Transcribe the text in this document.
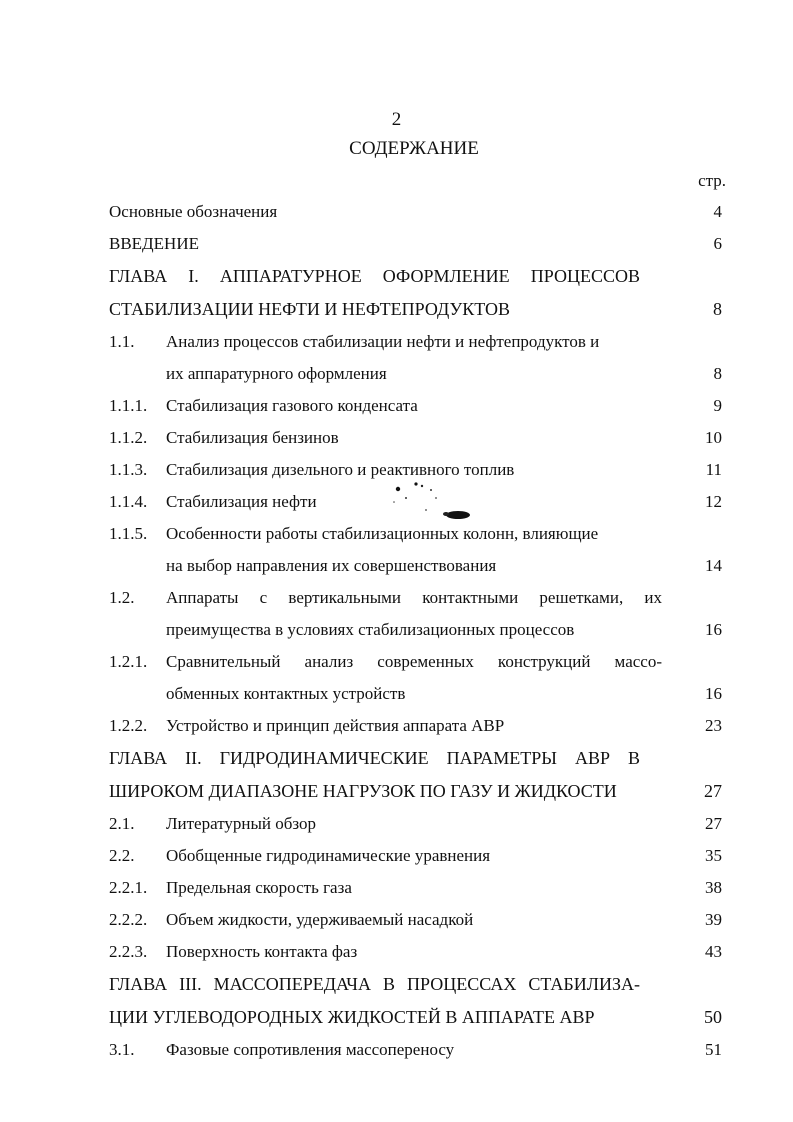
2
СОДЕРЖАНИЕ
стр.
Основные обозначения	4
ВВЕДЕНИЕ	6
ГЛАВА I. АППАРАТУРНОЕ ОФОРМЛЕНИЕ ПРОЦЕССОВ
СТАБИЛИЗАЦИИ НЕФТИ И НЕФТЕПРОДУКТОВ	8
1.1.	Анализ процессов стабилизации нефти и нефтепродуктов и
их аппаратурного оформления	8
1.1.1.	Стабилизация газового конденсата	9
1.1.2.	Стабилизация бензинов	10
1.1.3.	Стабилизация дизельного и реактивного топлив	11
1.1.4.	Стабилизация нефти	12
1.1.5.	Особенности работы стабилизационных колонн, влияющие
на выбор направления их совершенствования	14
1.2.	Аппараты с вертикальными контактными решетками, их
преимущества в условиях стабилизационных процессов	16
1.2.1.	Сравнительный анализ современных конструкций массо-
обменных контактных устройств	16
1.2.2.	Устройство и принцип действия аппарата АВР	23
ГЛАВА II. ГИДРОДИНАМИЧЕСКИЕ ПАРАМЕТРЫ АВР В
ШИРОКОМ ДИАПАЗОНЕ НАГРУЗОК ПО ГАЗУ И ЖИДКОСТИ	27
2.1.	Литературный обзор	27
2.2.	Обобщенные гидродинамические уравнения	35
2.2.1.	Предельная скорость газа	38
2.2.2.	Объем жидкости, удерживаемый насадкой	39
2.2.3.	Поверхность контакта фаз	43
ГЛАВА III. МАССОПЕРЕДАЧА В ПРОЦЕССАХ СТАБИЛИЗА-
ЦИИ УГЛЕВОДОРОДНЫХ ЖИДКОСТЕЙ В АППАРАТЕ АВР	50
3.1.	Фазовые сопротивления массопереносу	51
